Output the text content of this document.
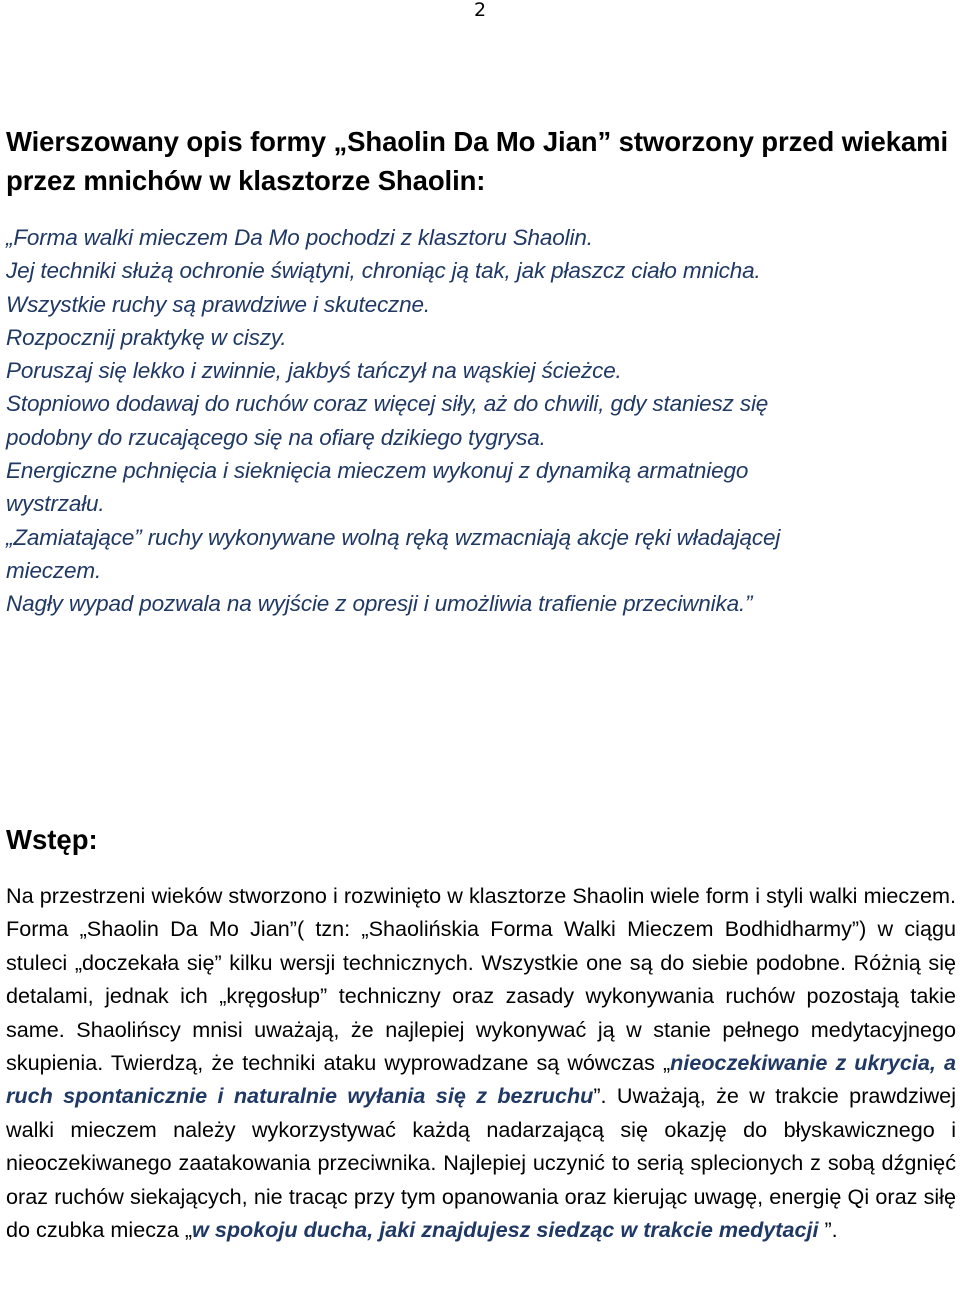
2
Wierszowany opis formy „Shaolin Da Mo Jian” stworzony przed wiekami przez mnichów w klasztorze Shaolin:
„Forma walki mieczem Da Mo pochodzi z klasztoru Shaolin.
Jej techniki służą ochronie świątyni, chroniąc ją tak, jak płaszcz ciało mnicha.
Wszystkie ruchy są prawdziwe i skuteczne.
Rozpocznij praktykę w ciszy.
Poruszaj się lekko i zwinnie, jakbyś tańczył na wąskiej ścieżce.
Stopniowo dodawaj do ruchów coraz więcej siły, aż do chwili, gdy staniesz się
podobny do rzucającego się na ofiarę dzikiego tygrysa.
Energiczne pchnięcia i sieknięcia mieczem wykonuj z dynamiką armatniego
wystrzału.
„Zamiatające” ruchy wykonywane wolną ręką wzmacniają akcje ręki władającej
mieczem.
Nagły wypad pozwala na wyjście z opresji i umożliwia trafienie przeciwnika.”
Wstęp:

Na przestrzeni wieków stworzono i rozwinięto w klasztorze Shaolin wiele form i styli walki mieczem. Forma „Shaolin Da Mo Jian”( tzn: „Shaolińskia Forma Walki Mieczem Bodhidharmy”) w ciągu stuleci „doczekała się” kilku wersji technicznych. Wszystkie one są do siebie podobne. Różnią się detalami, jednak ich „kręgosłup” techniczny oraz zasady wykonywania ruchów pozostają takie same. Shaolińscy mnisi uważają, że najlepiej wykonywać ją w stanie pełnego medytacyjnego skupienia. Twierdzą, że techniki ataku wyprowadzane są wówczas „nieoczekiwanie z ukrycia, a ruch spontanicznie i naturalnie wyłania się z bezruchu”. Uważają, że w trakcie prawdziwej walki mieczem należy wykorzystywać każdą nadarzającą się okazję do błyskawicznego i nieoczekiwanego zaatakowania przeciwnika. Najlepiej uczynić to serią splecionych z sobą dźgnięć oraz ruchów siekających, nie tracąc przy tym opanowania oraz kierując uwagę, energię Qi oraz siłę do czubka miecza „w spokoju ducha, jaki znajdujesz siedząc w trakcie medytacji ”.
